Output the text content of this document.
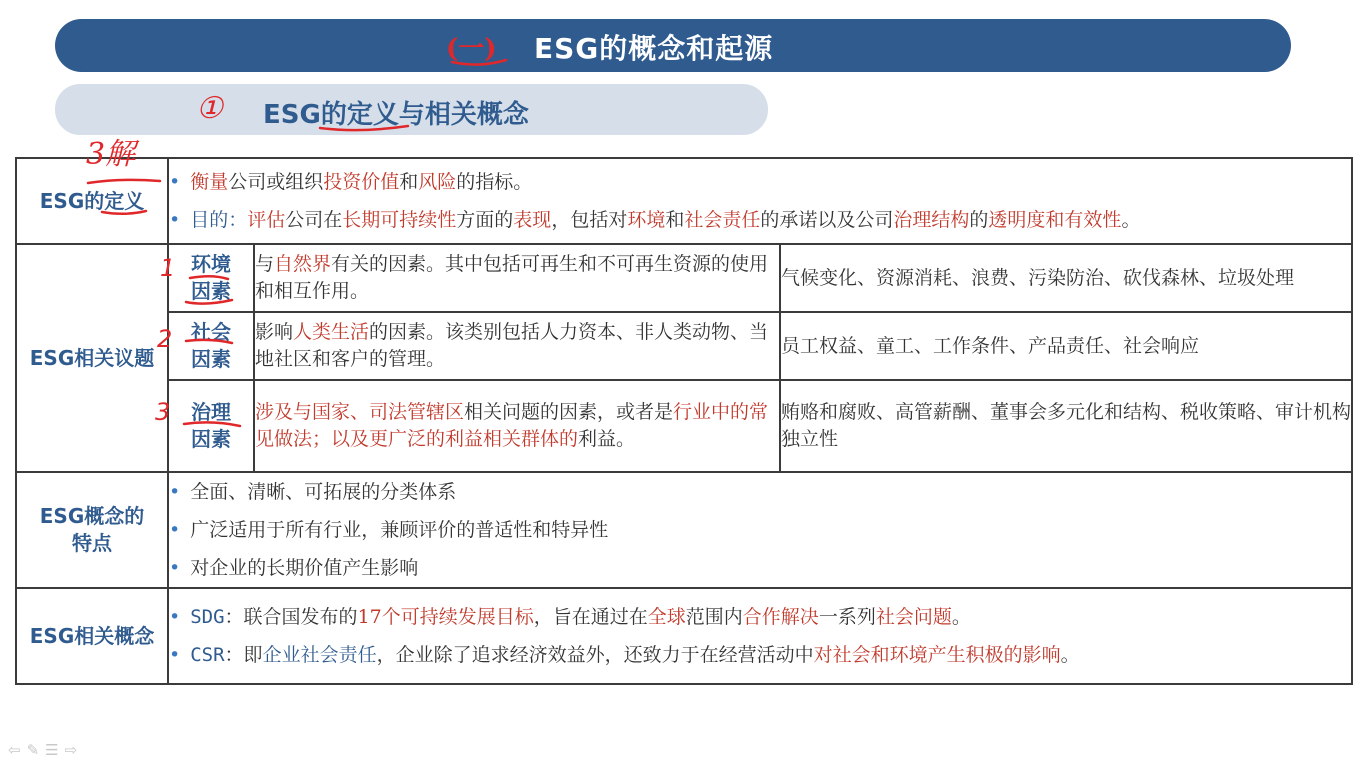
(一) ESG的概念和起源
① ESG的定义与相关概念
ESG的定义	• 衡量公司或组织投资价值和风险的指标。
• 目的：评估公司在长期可持续性方面的表现，包括对环境和社会责任的承诺以及公司治理结构的透明度和有效性。		

ESG相关议题	环境因素	与自然界有关的因素。其中包括可再生和不可再生资源的使用和相互作用。	气候变化、资源消耗、浪费、污染防治、砍伐森林、垃圾处理

	社会因素	影响人类生活的因素。该类别包括人力资本、非人类动物、当地社区和客户的管理。	员工权益、童工、工作条件、产品责任、社会响应

	治理因素	涉及与国家、司法管辖区相关问题的因素，或者是行业中的常见做法；以及更广泛的利益相关群体的利益。	贿赂和腐败、高管薪酬、董事会多元化和结构、税收策略、审计机构独立性

ESG概念的特点	• 全面、清晰、可拓展的分类体系
• 广泛适用于所有行业，兼顾评价的普适性和特异性
• 对企业的长期价值产生影响		

ESG相关概念	• SDG：联合国发布的17个可持续发展目标，旨在通过在全球范围内合作解决一系列社会问题。
• CSR：即企业社会责任，企业除了追求经济效益外，还致力于在经营活动中对社会和环境产生积极的影响。		
3解
1
2
3
⇦✎☰⇨
